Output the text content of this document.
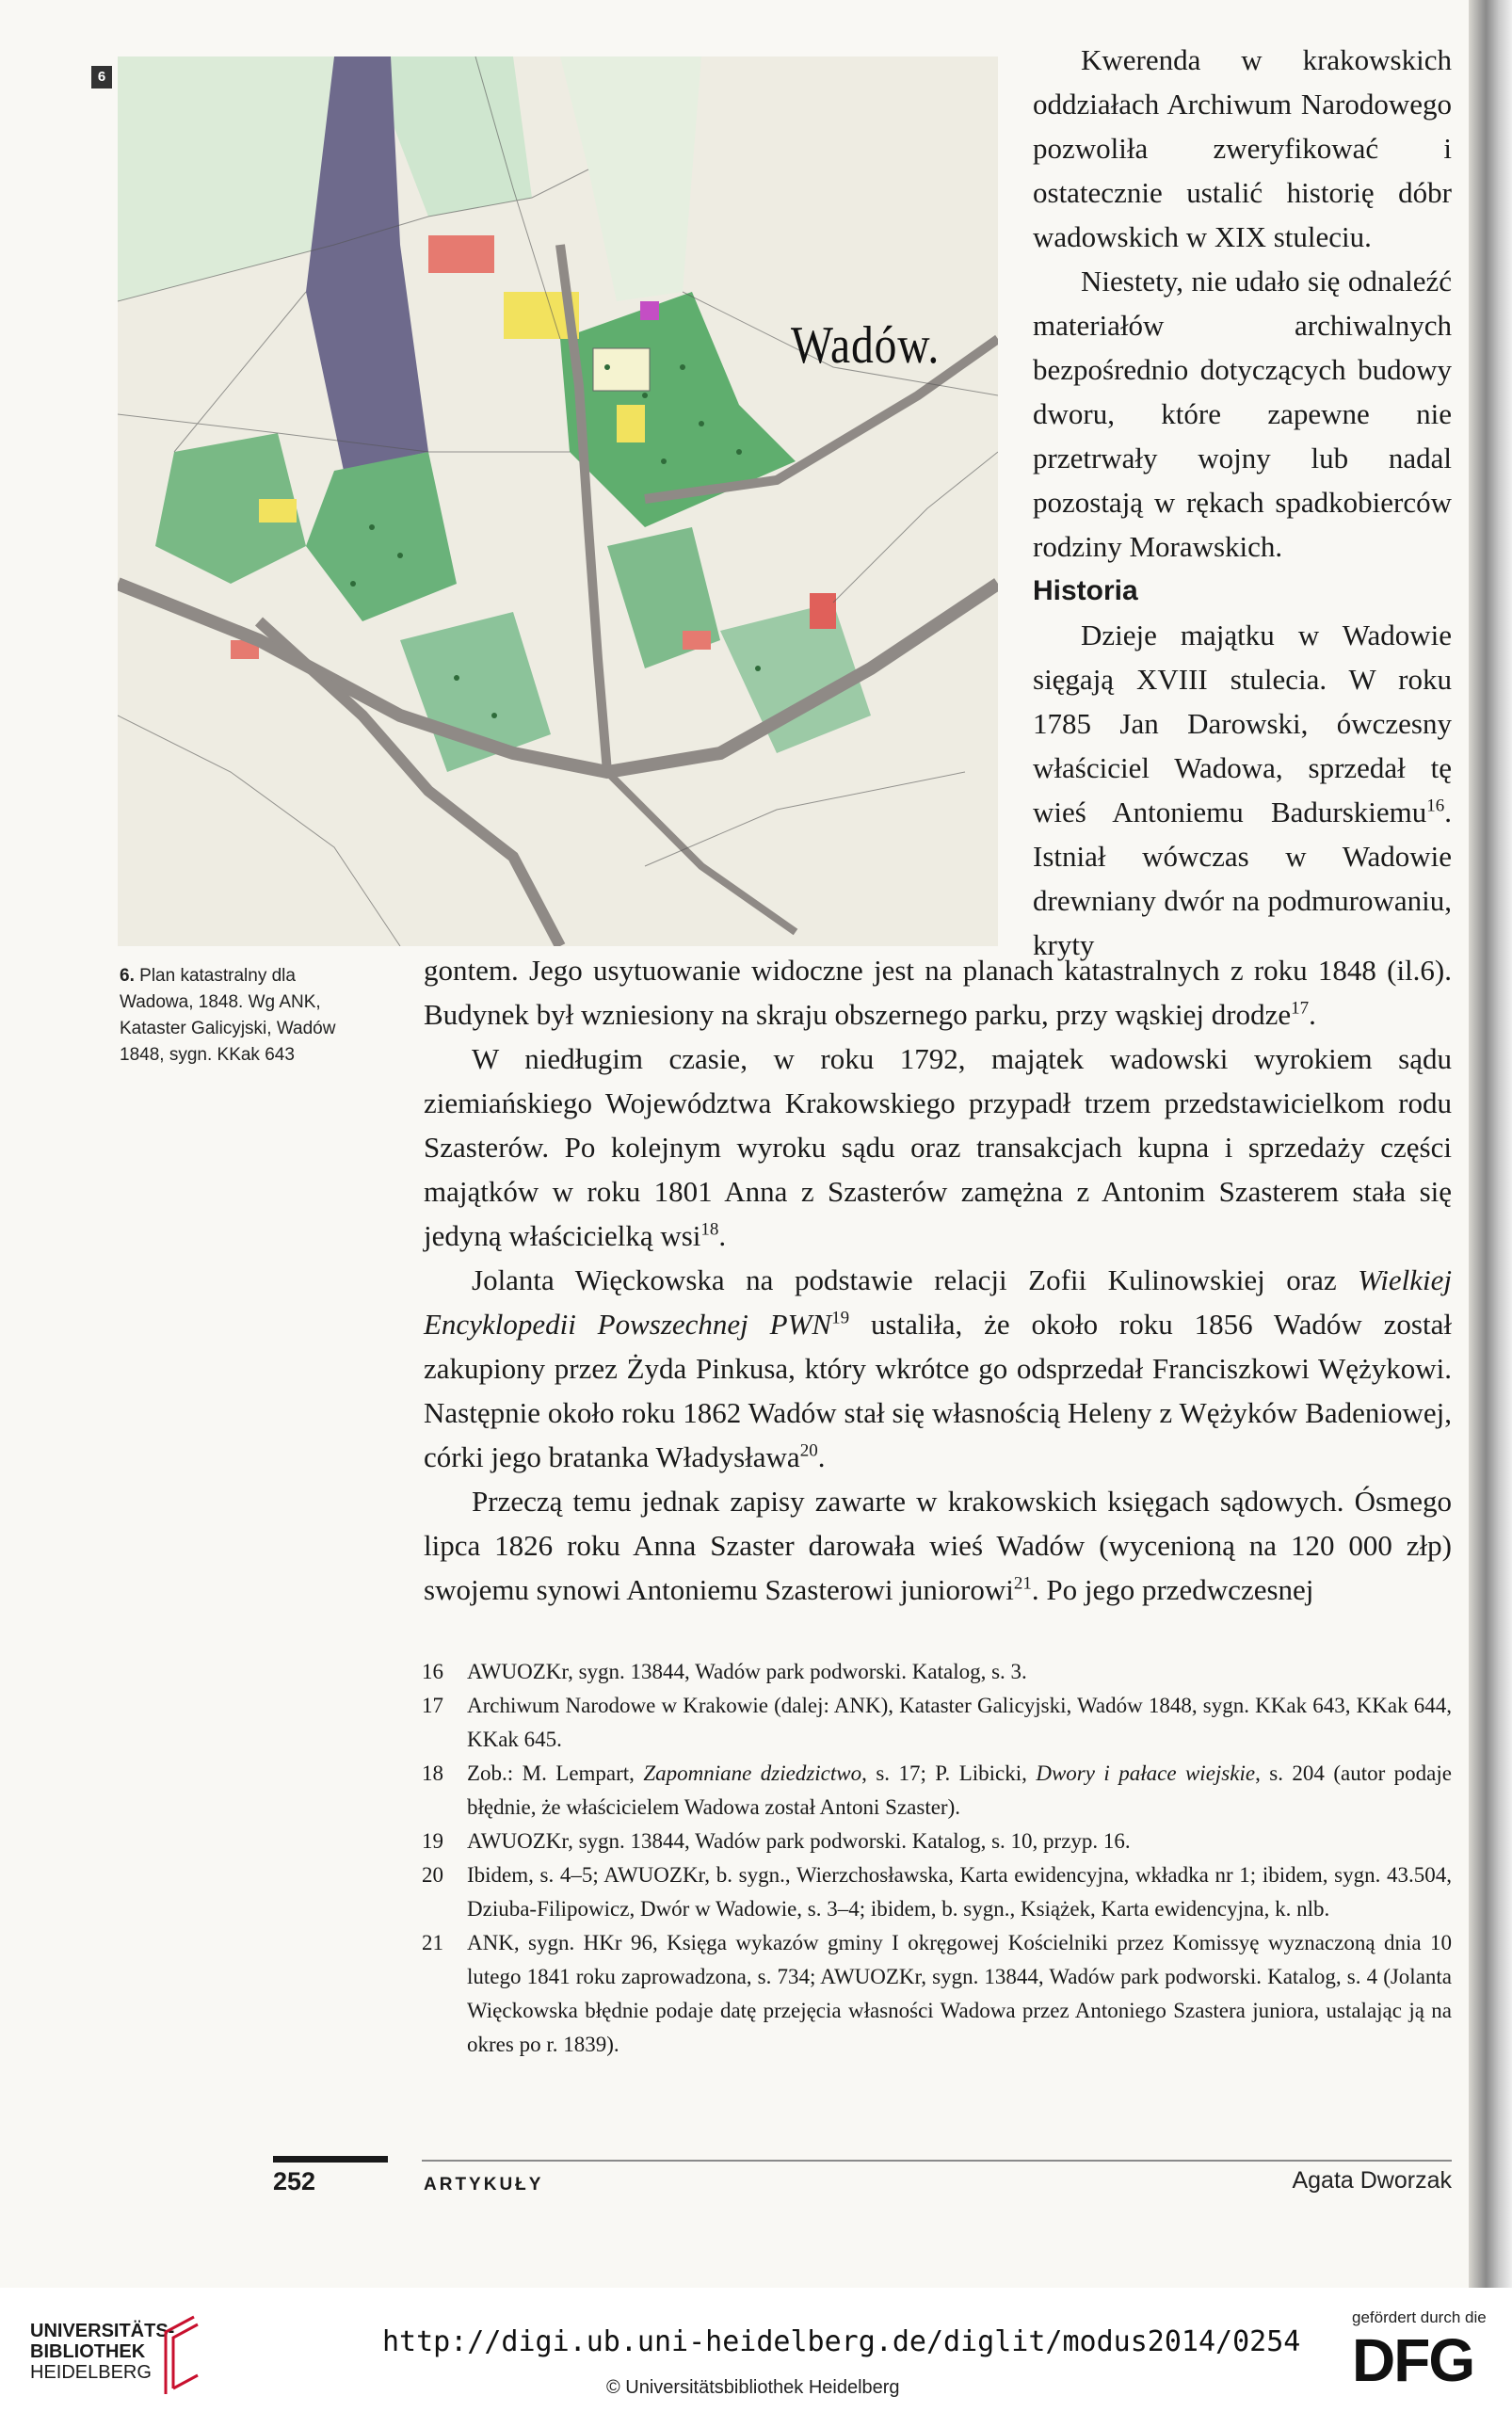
6
Wadów.
6. Plan katastralny dla
Wadowa, 1848. Wg ANK,
Kataster Galicyjski, Wadów
1848, sygn. KKak 643

Kwerenda w krakowskich oddziałach Archiwum Narodowego pozwoliła zweryfikować i ostatecznie ustalić historię dóbr wadowskich w XIX stuleciu.

Niestety, nie udało się odnaleźć materiałów archiwalnych bezpośrednio dotyczących budowy dworu, które zapewne nie przetrwały wojny lub nadal pozostają w rękach spadkobierców rodziny Morawskich.

Historia

Dzieje majątku w Wadowie sięgają XVIII stulecia. W roku 1785 Jan Darowski, ówczesny właściciel Wadowa, sprzedał tę wieś Antoniemu Badurskiemu$^{16}$. Istniał wówczas w Wadowie drewniany dwór na podmurowaniu, kryty

gontem. Jego usytuowanie widoczne jest na planach katastralnych z roku 1848 (il.6). Budynek był wzniesiony na skraju obszernego parku, przy wąskiej drodze$^{17}$.

W niedługim czasie, w roku 1792, majątek wadowski wyrokiem sądu ziemiańskiego Województwa Krakowskiego przypadł trzem przedstawicielkom rodu Szasterów. Po kolejnym wyroku sądu oraz transakcjach kupna i sprzedaży części majątków w roku 1801 Anna z Szasterów zamężna z Antonim Szasterem stała się jedyną właścicielką wsi$^{18}$.

Jolanta Więckowska na podstawie relacji Zofii Kulinowskiej oraz Wielkiej Encyklopedii Powszechnej PWN$^{19}$ ustaliła, że około roku 1856 Wadów został zakupiony przez Żyda Pinkusa, który wkrótce go odsprzedał Franciszkowi Wężykowi. Następnie około roku 1862 Wadów stał się własnością Heleny z Wężyków Badeniowej, córki jego bratanka Władysława$^{20}$.

Przeczą temu jednak zapisy zawarte w krakowskich księgach sądowych. Ósmego lipca 1826 roku Anna Szaster darowała wieś Wadów (wycenioną na 120 000 złp) swojemu synowi Antoniemu Szasterowi juniorowi$^{21}$. Po jego przedwczesnej

16 AWUOZKr, sygn. 13844, Wadów park podworski. Katalog, s. 3.
17 Archiwum Narodowe w Krakowie (dalej: ANK), Kataster Galicyjski, Wadów 1848, sygn. KKak 643, KKak 644, KKak 645.
18 Zob.: M. Lempart, Zapomniane dziedzictwo, s. 17; P. Libicki, Dwory i pałace wiejskie, s. 204 (autor podaje błędnie, że właścicielem Wadowa został Antoni Szaster).
19 AWUOZKr, sygn. 13844, Wadów park podworski. Katalog, s. 10, przyp. 16.
20 Ibidem, s. 4–5; AWUOZKr, b. sygn., Wierzchosławska, Karta ewidencyjna, wkładka nr 1; ibidem, sygn. 43.504, Dziuba-Filipowicz, Dwór w Wadowie, s. 3–4; ibidem, b. sygn., Książek, Karta ewidencyjna, k. nlb.
21 ANK, sygn. HKr 96, Księga wykazów gminy I okręgowej Kościelniki przez Komissyę wyznaczoną dnia 10 lutego 1841 roku zaprowadzona, s. 734; AWUOZKr, sygn. 13844, Wadów park podworski. Katalog, s. 4 (Jolanta Więckowska błędnie podaje datę przejęcia własności Wadowa przez Antoniego Szastera juniora, ustalając ją na okres po r. 1839).
252	ARTYKUŁY	Agata Dworzak
UNIVERSITÄTS-
BIBLIOTHEK
HEIDELBERG
http://digi.ub.uni-heidelberg.de/diglit/modus2014/0254
© Universitätsbibliothek Heidelberg
gefördert durch die
DFG
